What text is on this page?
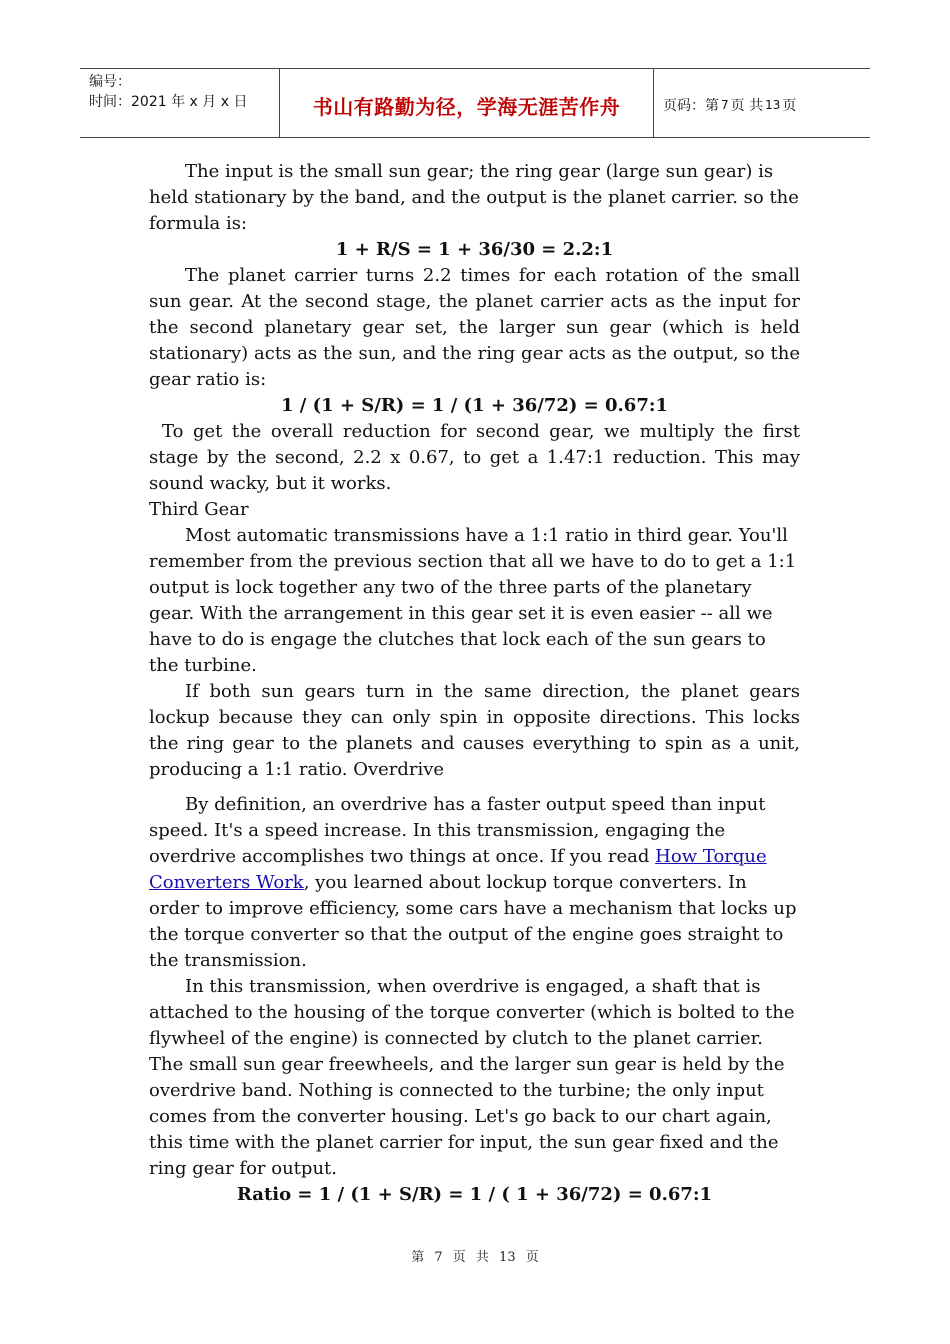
编号：
时间：2021 年 x 月 x 日	书山有路勤为径，学海无涯苦作舟	页码：第 7 页 共 13 页

The input is the small sun gear; the ring gear (large sun gear) is held stationary by the band, and the output is the planet carrier. so the formula is:

1 + R/S = 1 + 36/30 = 2.2:1

The planet carrier turns 2.2 times for each rotation of the small sun gear. At the second stage, the planet carrier acts as the input for the second planetary gear set, the larger sun gear (which is held stationary) acts as the sun, and the ring gear acts as the output, so the gear ratio is:

1 / (1 + S/R) = 1 / (1 + 36/72) = 0.67:1

To get the overall reduction for second gear, we multiply the first stage by the second, 2.2 x 0.67, to get a 1.47:1 reduction. This may sound wacky, but it works.

Third Gear

Most automatic transmissions have a 1:1 ratio in third gear. You'll remember from the previous section that all we have to do to get a 1:1 output is lock together any two of the three parts of the planetary gear. With the arrangement in this gear set it is even easier -- all we have to do is engage the clutches that lock each of the sun gears to the turbine.

If both sun gears turn in the same direction, the planet gears lockup because they can only spin in opposite directions. This locks the ring gear to the planets and causes everything to spin as a unit, producing a 1:1 ratio. Overdrive

By definition, an overdrive has a faster output speed than input speed. It's a speed increase. In this transmission, engaging the overdrive accomplishes two things at once. If you read How Torque Converters Work, you learned about lockup torque converters. In order to improve efficiency, some cars have a mechanism that locks up the torque converter so that the output of the engine goes straight to the transmission.

In this transmission, when overdrive is engaged, a shaft that is attached to the housing of the torque converter (which is bolted to the flywheel of the engine) is connected by clutch to the planet carrier. The small sun gear freewheels, and the larger sun gear is held by the overdrive band. Nothing is connected to the turbine; the only input comes from the converter housing. Let's go back to our chart again, this time with the planet carrier for input, the sun gear fixed and the ring gear for output.

Ratio = 1 / (1 + S/R) = 1 / ( 1 + 36/72) = 0.67:1

第 7 页 共 13 页
